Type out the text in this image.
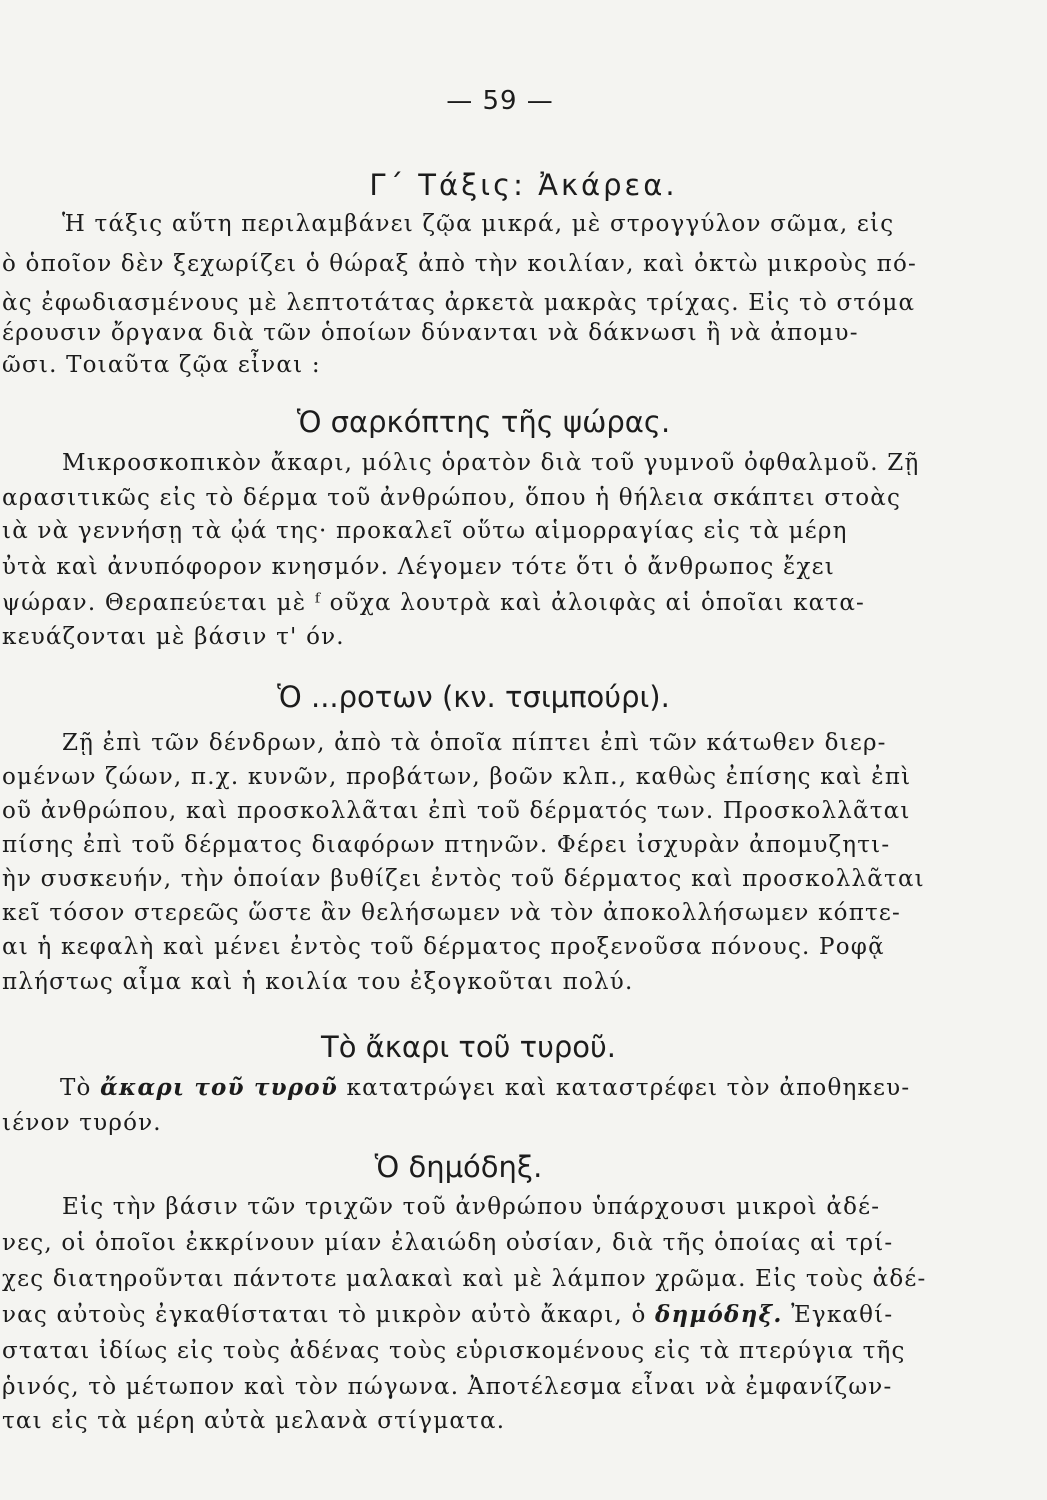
— 59 —
Γ΄ Τάξις: Ἀκάρεα.
Ἡ τάξις αὕτη περιλαμβάνει ζῷα μικρά, μὲ στρογγύλον σῶμα, εἰς
ὸ ὁποῖον δὲν ξεχωρίζει ὁ θώραξ ἀπὸ τὴν κοιλίαν, καὶ ὀκτὼ μικροὺς πό-
ὰς ἐφωδιασμένους μὲ λεπτοτάτας ἀρκετὰ μακρὰς τρίχας. Εἰς τὸ στόμα
έρουσιν ὄργανα διὰ τῶν ὁποίων δύνανται νὰ δάκνωσι ἢ νὰ ἀπομυ-
ῶσι. Τοιαῦτα ζῷα εἶναι :
Ὁ σαρκόπτης τῆς ψώρας.
Μικροσκοπικὸν ἄκαρι, μόλις ὁρατὸν διὰ τοῦ γυμνοῦ ὀφθαλμοῦ. Ζῇ
αρασιτικῶς εἰς τὸ δέρμα τοῦ ἀνθρώπου, ὅπου ἡ θήλεια σκάπτει στοὰς
ιὰ νὰ γεννήσῃ τὰ ᾠά της· προκαλεῖ οὕτω αἱμορραγίας εἰς τὰ μέρη
ὐτὰ καὶ ἀνυπόφορον κνησμόν. Λέγομεν τότε ὅτι ὁ ἄνθρωπος ἔχει
ψώραν. Θεραπεύεται μὲ ᶠ οῦχα λουτρὰ καὶ ἀλοιφὰς αἱ ὁποῖαι κατα-
κευάζονται μὲ βάσιν τ' όν.
Ὁ ...ροτων (κν. τσιμπούρι).
Ζῇ ἐπὶ τῶν δένδρων, ἀπὸ τὰ ὁποῖα πίπτει ἐπὶ τῶν κάτωθεν διερ-
ομένων ζώων, π.χ. κυνῶν, προβάτων, βοῶν κλπ., καθὼς ἐπίσης καὶ ἐπὶ
οῦ ἀνθρώπου, καὶ προσκολλᾶται ἐπὶ τοῦ δέρματός των. Προσκολλᾶται
πίσης ἐπὶ τοῦ δέρματος διαφόρων πτηνῶν. Φέρει ἰσχυρὰν ἀπομυζητι-
ὴν συσκευήν, τὴν ὁποίαν βυθίζει ἐντὸς τοῦ δέρματος καὶ προσκολλᾶται
κεῖ τόσον στερεῶς ὥστε ἂν θελήσωμεν νὰ τὸν ἀποκολλήσωμεν κόπτε-
αι ἡ κεφαλὴ καὶ μένει ἐντὸς τοῦ δέρματος προξενοῦσα πόνους. Ροφᾷ
πλήστως αἷμα καὶ ἡ κοιλία του ἐξογκοῦται πολύ.
Τὸ ἄκαρι τοῦ τυροῦ.
Τὸ ἄκαρι τοῦ τυροῦ κατατρώγει καὶ καταστρέφει τὸν ἀποθηκευ-
ιένον τυρόν.
Ὁ δημόδηξ.
Εἰς τὴν βάσιν τῶν τριχῶν τοῦ ἀνθρώπου ὑπάρχουσι μικροὶ ἀδέ-
νες, οἱ ὁποῖοι ἐκκρίνουν μίαν ἐλαιώδη οὐσίαν, διὰ τῆς ὁποίας αἱ τρί-
χες διατηροῦνται πάντοτε μαλακαὶ καὶ μὲ λάμπον χρῶμα. Εἰς τοὺς ἀδέ-
νας αὐτοὺς ἐγκαθίσταται τὸ μικρὸν αὐτὸ ἄκαρι, ὁ δημόδηξ. Ἐγκαθί-
σταται ἰδίως εἰς τοὺς ἀδένας τοὺς εὑρισκομένους εἰς τὰ πτερύγια τῆς
ῥινός, τὸ μέτωπον καὶ τὸν πώγωνα. Ἀποτέλεσμα εἶναι νὰ ἐμφανίζων-
ται εἰς τὰ μέρη αὐτὰ μελανὰ στίγματα.
